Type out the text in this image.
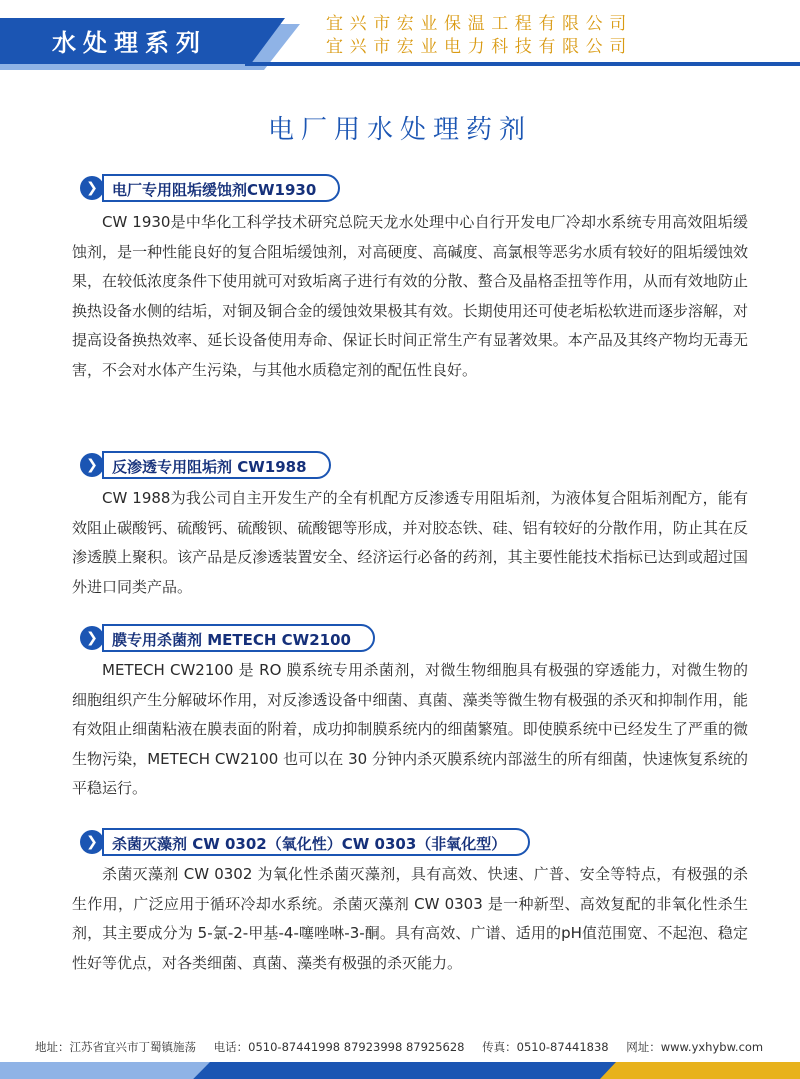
水处理系列
宜兴市宏业保温工程有限公司
宜兴市宏业电力科技有限公司
电厂用水处理药剂
电厂专用阻垢缓蚀剂CW1930
❯

CW 1930是中华化工科学技术研究总院天龙水处理中心自行开发电厂冷却水系统专用高效阻垢缓蚀剂，是一种性能良好的复合阻垢缓蚀剂，对高硬度、高碱度、高氯根等恶劣水质有较好的阻垢缓蚀效果，在较低浓度条件下使用就可对致垢离子进行有效的分散、螯合及晶格歪扭等作用，从而有效地防止换热设备水侧的结垢，对铜及铜合金的缓蚀效果极其有效。长期使用还可使老垢松软进而逐步溶解，对提高设备换热效率、延长设备使用寿命、保证长时间正常生产有显著效果。本产品及其终产物均无毒无害，不会对水体产生污染，与其他水质稳定剂的配伍性良好。

反渗透专用阻垢剂 CW1988
❯

CW 1988为我公司自主开发生产的全有机配方反渗透专用阻垢剂，为液体复合阻垢剂配方，能有效阻止碳酸钙、硫酸钙、硫酸钡、硫酸锶等形成，并对胶态铁、硅、铝有较好的分散作用，防止其在反渗透膜上聚积。该产品是反渗透装置安全、经济运行必备的药剂，其主要性能技术指标已达到或超过国外进口同类产品。

膜专用杀菌剂 METECH CW2100
❯

METECH CW2100 是 RO 膜系统专用杀菌剂，对微生物细胞具有极强的穿透能力，对微生物的细胞组织产生分解破坏作用，对反渗透设备中细菌、真菌、藻类等微生物有极强的杀灭和抑制作用，能有效阻止细菌粘液在膜表面的附着，成功抑制膜系统内的细菌繁殖。即使膜系统中已经发生了严重的微生物污染，METECH CW2100 也可以在 30 分钟内杀灭膜系统内部滋生的所有细菌，快速恢复系统的平稳运行。

杀菌灭藻剂 CW 0302（氧化性）CW 0303（非氧化型）
❯

杀菌灭藻剂 CW 0302 为氧化性杀菌灭藻剂，具有高效、快速、广普、安全等特点，有极强的杀生作用，广泛应用于循环冷却水系统。杀菌灭藻剂 CW 0303 是一种新型、高效复配的非氧化性杀生剂，其主要成分为 5-氯-2-甲基-4-噻唑啉-3-酮。具有高效、广谱、适用的pH值范围宽、不起泡、稳定性好等优点，对各类细菌、真菌、藻类有极强的杀灭能力。

地址：江苏省宜兴市丁蜀镇施荡 电话：0510-87441998 87923998 87925628 传真：0510-87441838 网址：www.yxhybw.com
